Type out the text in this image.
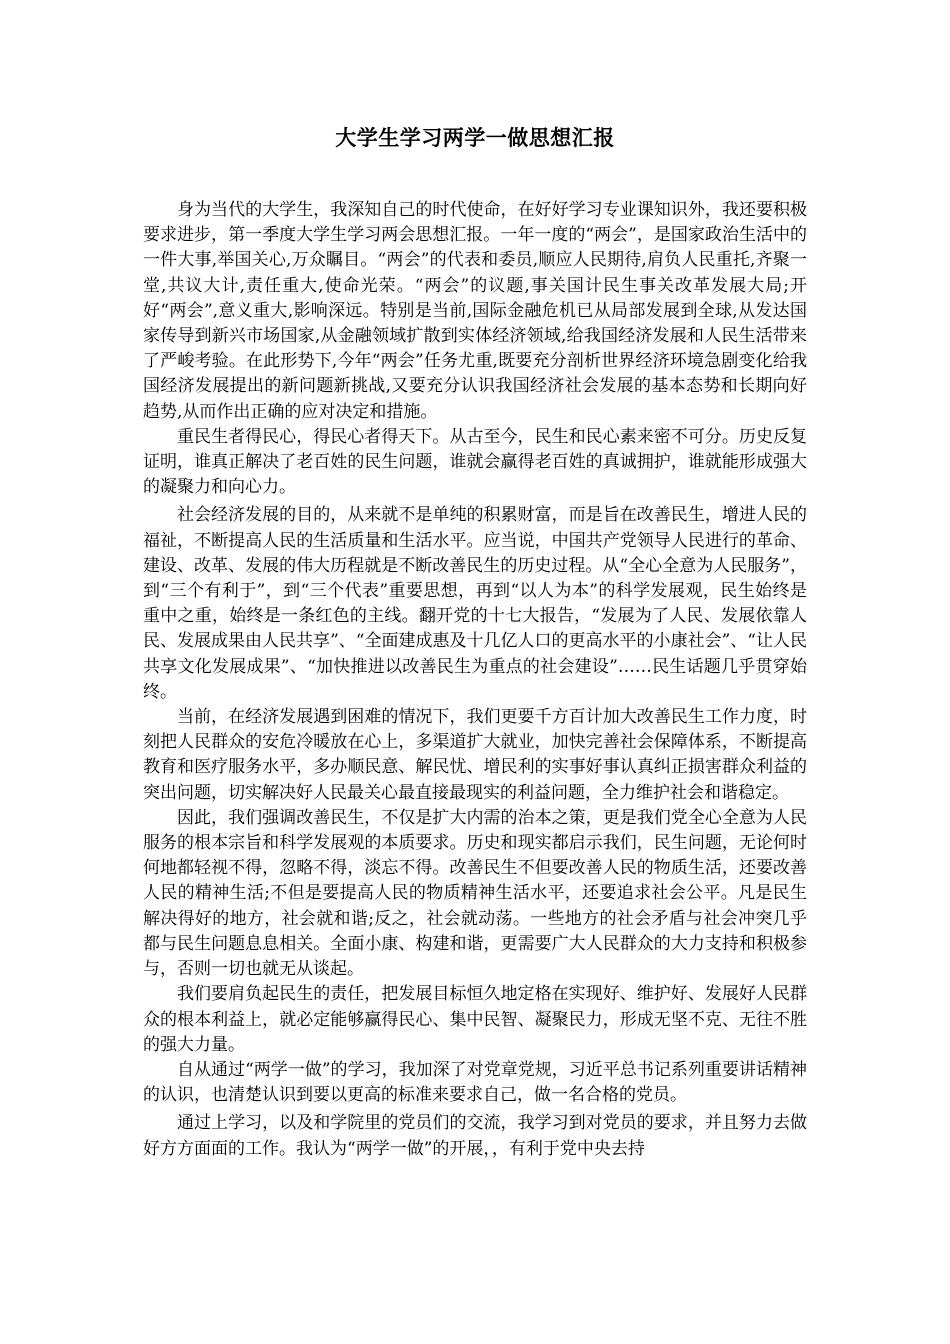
大学生学习两学一做思想汇报

身为当代的大学生，我深知自己的时代使命，在好好学习专业课知识外，我还要积极要求进步，第一季度大学生学习两会思想汇报。一年一度的“两会”，是国家政治生活中的一件大事,举国关心,万众瞩目。“两会”的代表和委员,顺应人民期待,肩负人民重托,齐聚一堂,共议大计,责任重大,使命光荣。“两会”的议题,事关国计民生事关改革发展大局;开好“两会”,意义重大,影响深远。特别是当前,国际金融危机已从局部发展到全球,从发达国家传导到新兴市场国家,从金融领域扩散到实体经济领域,给我国经济发展和人民生活带来了严峻考验。在此形势下,今年“两会”任务尤重,既要充分剖析世界经济环境急剧变化给我国经济发展提出的新问题新挑战,又要充分认识我国经济社会发展的基本态势和长期向好趋势,从而作出正确的应对决定和措施。

重民生者得民心，得民心者得天下。从古至今，民生和民心素来密不可分。历史反复证明，谁真正解决了老百姓的民生问题，谁就会赢得老百姓的真诚拥护，谁就能形成强大的凝聚力和向心力。

社会经济发展的目的，从来就不是单纯的积累财富，而是旨在改善民生，增进人民的福祉，不断提高人民的生活质量和生活水平。应当说，中国共产党领导人民进行的革命、建设、改革、发展的伟大历程就是不断改善民生的历史过程。从“全心全意为人民服务”，到“三个有利于”，到“三个代表”重要思想，再到“以人为本”的科学发展观，民生始终是重中之重，始终是一条红色的主线。翻开党的十七大报告，“发展为了人民、发展依靠人民、发展成果由人民共享”、“全面建成惠及十几亿人口的更高水平的小康社会”、“让人民共享文化发展成果”、“加快推进以改善民生为重点的社会建设”……民生话题几乎贯穿始终。

当前，在经济发展遇到困难的情况下，我们更要千方百计加大改善民生工作力度，时刻把人民群众的安危冷暖放在心上，多渠道扩大就业，加快完善社会保障体系，不断提高教育和医疗服务水平，多办顺民意、解民忧、增民利的实事好事认真纠正损害群众利益的突出问题，切实解决好人民最关心最直接最现实的利益问题，全力维护社会和谐稳定。

因此，我们强调改善民生，不仅是扩大内需的治本之策，更是我们党全心全意为人民服务的根本宗旨和科学发展观的本质要求。历史和现实都启示我们，民生问题，无论何时何地都轻视不得，忽略不得，淡忘不得。改善民生不但要改善人民的物质生活，还要改善人民的精神生活;不但是要提高人民的物质精神生活水平，还要追求社会公平。凡是民生解决得好的地方，社会就和谐;反之，社会就动荡。一些地方的社会矛盾与社会冲突几乎都与民生问题息息相关。全面小康、构建和谐，更需要广大人民群众的大力支持和积极参与，否则一切也就无从谈起。

我们要肩负起民生的责任，把发展目标恒久地定格在实现好、维护好、发展好人民群众的根本利益上，就必定能够赢得民心、集中民智、凝聚民力，形成无坚不克、无往不胜的强大力量。

自从通过“两学一做”的学习，我加深了对党章党规，习近平总书记系列重要讲话精神的认识，也清楚认识到要以更高的标准来要求自己，做一名合格的党员。

通过上学习，以及和学院里的党员们的交流，我学习到对党员的要求，并且努力去做好方方面面的工作。我认为“两学一做”的开展，，有利于党中央去持
